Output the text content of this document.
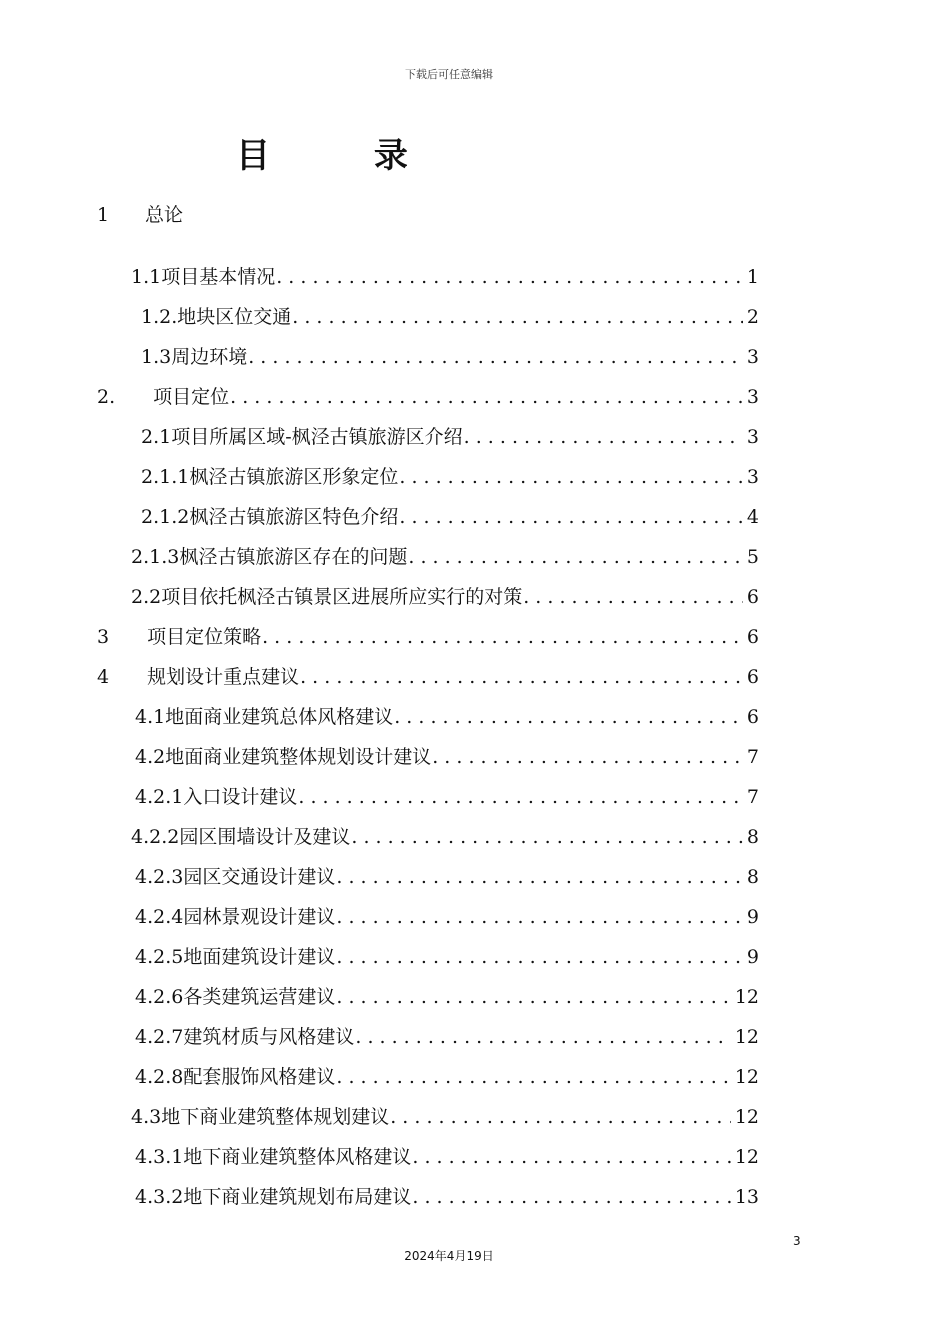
下载后可任意编辑
目 录
1 总论
1.1项目基本情况 . . .	1
1.2.地块区位交通 . . .	2
1.3周边环境 . . .	3
2.　　项目定位 . . .	3
2.1项目所属区域-枫泾古镇旅游区介绍 . . .	3
2.1.1枫泾古镇旅游区形象定位 . . .	3
2.1.2枫泾古镇旅游区特色介绍 . . .	4
2.1.3枫泾古镇旅游区存在的问题 . . .	5
2.2项目依托枫泾古镇景区进展所应实行的对策 . . .	6
3　　项目定位策略 . . .	6
4　　规划设计重点建议 . . .	6
4.1地面商业建筑总体风格建议 . . .	6
4.2地面商业建筑整体规划设计建议 . . .	7
4.2.1入口设计建议 . . .	7
4.2.2园区围墙设计及建议 . . .	8
4.2.3园区交通设计建议 . . .	8
4.2.4园林景观设计建议 . . .	9
4.2.5地面建筑设计建议 . . .	9
4.2.6各类建筑运营建议 . . .	12
4.2.7建筑材质与风格建议 . . .	12
4.2.8配套服饰风格建议 . . .	12
4.3地下商业建筑整体规划建议 . . .	12
4.3.1地下商业建筑整体风格建议 . . .	12
4.3.2地下商业建筑规划布局建议 . . .	13
3
2024年4月19日
